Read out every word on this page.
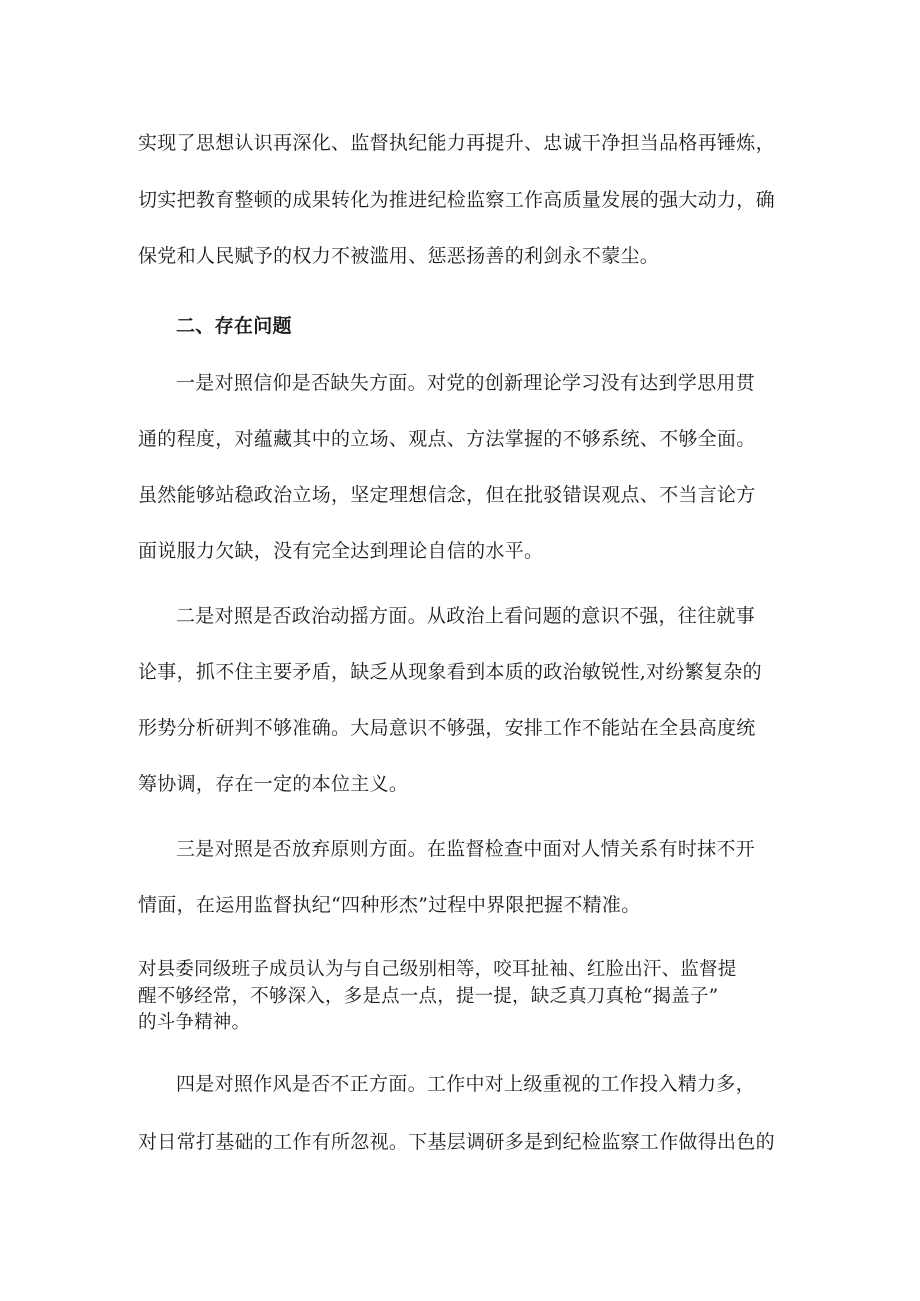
实现了思想认识再深化、监督执纪能力再提升、忠诚干净担当品格再锤炼，
切实把教育整顿的成果转化为推进纪检监察工作高质量发展的强大动力，确
保党和人民赋予的权力不被滥用、惩恶扬善的利剑永不蒙尘。
二、存在问题
一是对照信仰是否缺失方面。对党的创新理论学习没有达到学思用贯
通的程度，对蕴藏其中的立场、观点、方法掌握的不够系统、不够全面。
虽然能够站稳政治立场，坚定理想信念，但在批驳错误观点、不当言论方
面说服力欠缺，没有完全达到理论自信的水平。
二是对照是否政治动摇方面。从政治上看问题的意识不强，往往就事
论事，抓不住主要矛盾，缺乏从现象看到本质的政治敏锐性,对纷繁复杂的
形势分析研判不够准确。大局意识不够强，安排工作不能站在全县高度统
筹协调，存在一定的本位主义。
三是对照是否放弃原则方面。在监督检查中面对人情关系有时抹不开
情面，在运用监督执纪“四种形杰”过程中界限把握不精准。
对县委同级班子成员认为与自己级别相等，咬耳扯袖、红脸出汗、监督提
醒不够经常，不够深入，多是点一点，提一提，缺乏真刀真枪“揭盖子”
的斗争精神。
四是对照作风是否不正方面。工作中对上级重视的工作投入精力多，
对日常打基础的工作有所忽视。下基层调研多是到纪检监察工作做得出色的
